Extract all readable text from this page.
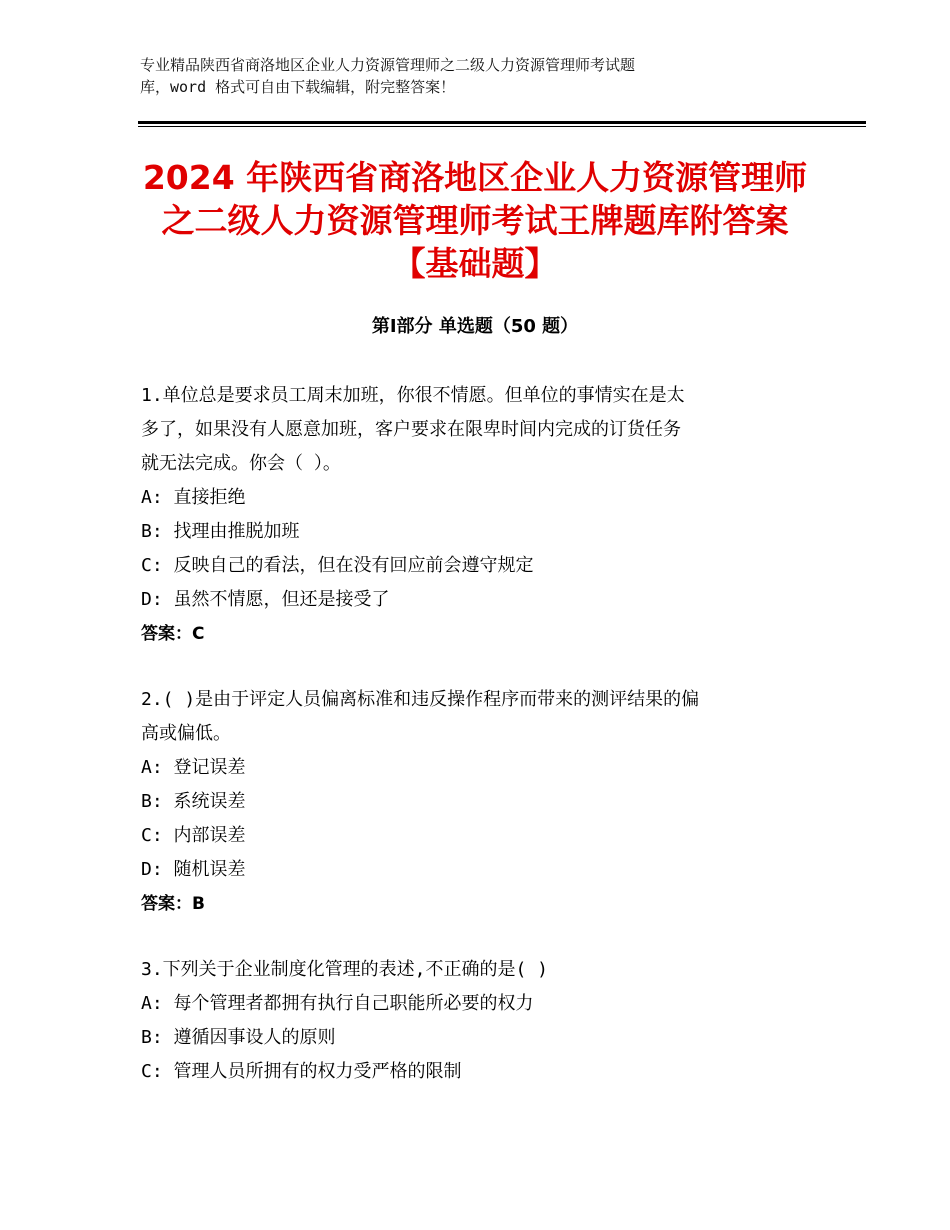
专业精品陕西省商洛地区企业人力资源管理师之二级人力资源管理师考试题
库，word 格式可自由下载编辑，附完整答案！
2024 年陕西省商洛地区企业人力资源管理师
之二级人力资源管理师考试王牌题库附答案
【基础题】
第Ⅰ部分 单选题（50 题）
1.单位总是要求员工周末加班，你很不情愿。但单位的事情实在是太
多了，如果没有人愿意加班，客户要求在限卑时间内完成的订货任务
就无法完成。你会（ ）。
A: 直接拒绝
B: 找理由推脱加班
C: 反映自己的看法，但在没有回应前会遵守规定
D: 虽然不情愿，但还是接受了
答案：C
2.( )是由于评定人员偏离标准和违反操作程序而带来的测评结果的偏
高或偏低。
A: 登记误差
B: 系统误差
C: 内部误差
D: 随机误差
答案：B
3.下列关于企业制度化管理的表述,不正确的是( )
A: 每个管理者都拥有执行自己职能所必要的权力
B: 遵循因事设人的原则
C: 管理人员所拥有的权力受严格的限制
